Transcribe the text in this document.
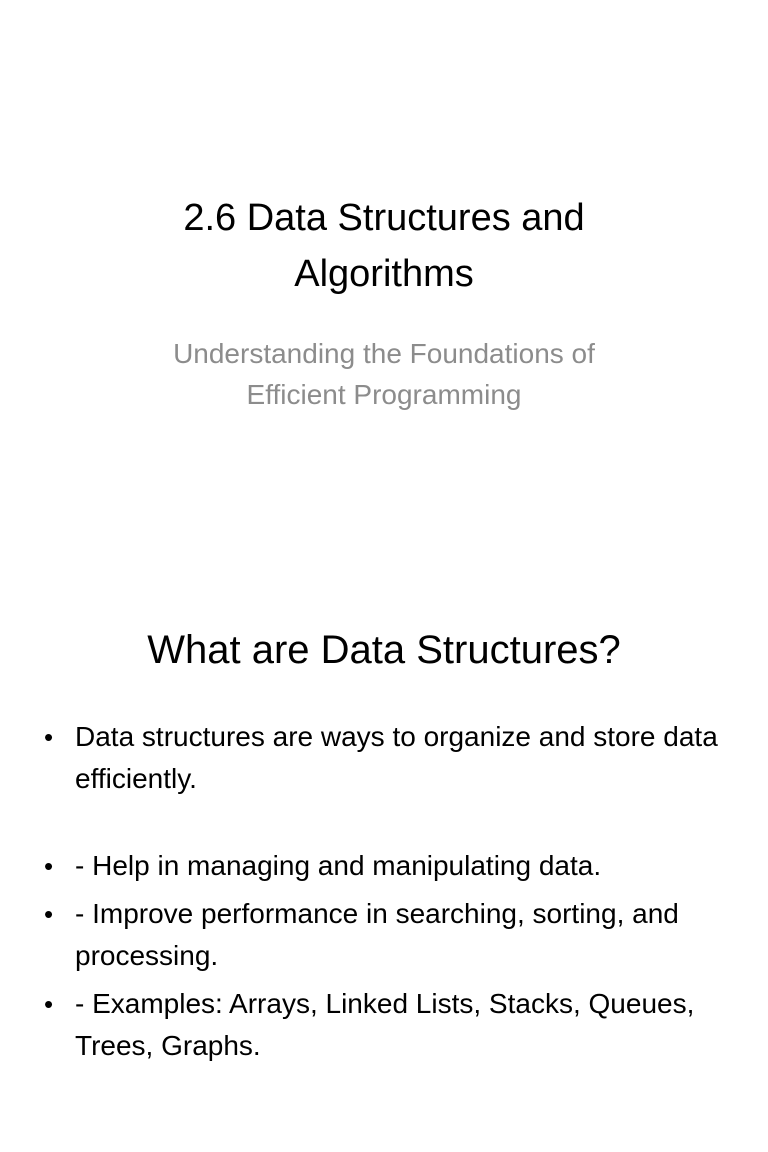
2.6 Data Structures and Algorithms

Understanding the Foundations of Efficient Programming

What are Data Structures?
• Data structures are ways to organize and store data efficiently.
• - Help in managing and manipulating data.
• - Improve performance in searching, sorting, and processing.
• - Examples: Arrays, Linked Lists, Stacks, Queues, Trees, Graphs.
